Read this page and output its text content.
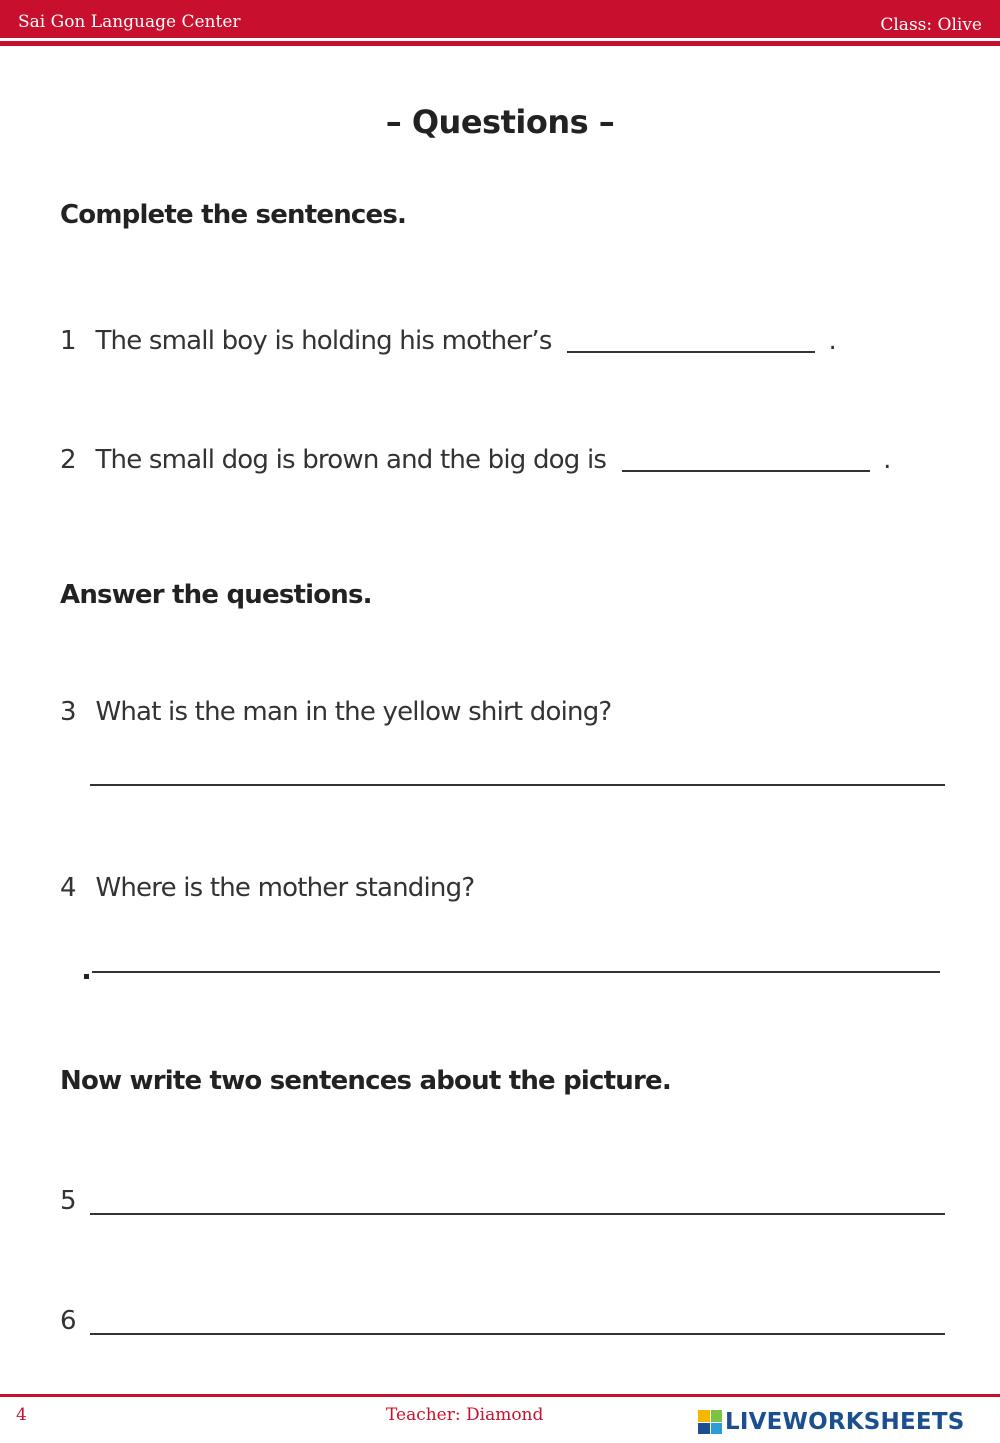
Sai Gon Language Center	Class: Olive
– Questions –
Complete the sentences.
1 The small boy is holding his mother’s	.
2 The small dog is brown and the big dog is	.
Answer the questions.
3 What is the man in the yellow shirt doing?
4 Where is the mother standing?
Now write two sentences about the picture.
5
6
4	Teacher: Diamond	LIVEWORKSHEETS
